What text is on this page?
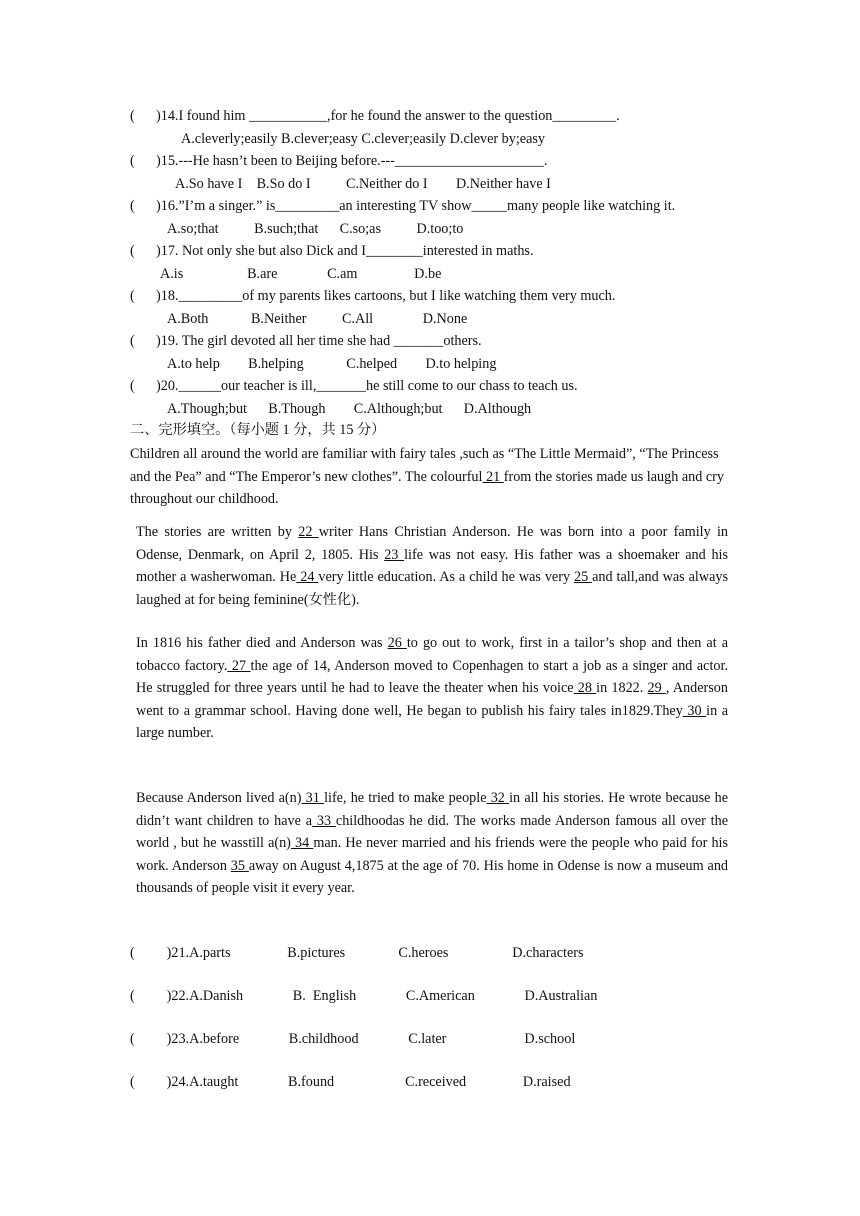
(      )14.I found him ___________,for he found the answer to the question_________.
A.cleverly;easily B.clever;easy C.clever;easily D.clever by;easy
(      )15.---He hasn’t been to Beijing before.---_____________________.
A.So have I    B.So do I          C.Neither do I        D.Neither have I
(      )16.”I’m a singer.” is_________an interesting TV show_____many people like watching it.
A.so;that          B.such;that      C.so;as          D.too;to
(      )17. Not only she but also Dick and I________interested in maths.
A.is                  B.are              C.am                D.be
(      )18._________of my parents likes cartoons, but I like watching them very much.
A.Both            B.Neither          C.All              D.None
(      )19. The girl devoted all her time she had _______others.
A.to help        B.helping            C.helped        D.to helping
(      )20.______our teacher is ill,_______he still come to our chass to teach us.
A.Though;but      B.Though        C.Although;but      D.Although
二、完形填空。（每小题 1 分，共 15 分）

Children all around the world are familiar with fairy tales ,such as “The Little Mermaid”, “The Princess and the Pea” and “The Emperor’s new clothes”. The colourful 21 from the stories made us laugh and cry throughout our childhood.

The stories are written by 22 writer Hans Christian Anderson. He was born into a poor family in Odense, Denmark, on April 2, 1805. His 23 life was not easy. His father was a shoemaker and his mother a washerwoman. He 24 very little education. As a child he was very 25 and tall,and was always laughed at for being feminine(女性化).

In 1816 his father died and Anderson was 26 to go out to work, first in a tailor’s shop and then at a tobacco factory. 27 the age of 14, Anderson moved to Copenhagen to start a job as a singer and actor. He struggled for three years until he had to leave the theater when his voice 28 in 1822. 29 , Anderson went to a grammar school. Having done well, He began to publish his fairy tales in1829.They 30 in a large number.

Because Anderson lived a(n) 31 life, he tried to make people 32 in all his stories. He wrote because he didn’t want children to have a 33 childhoodas he did. The works made Anderson famous all over the world , but he wasstill a(n) 34 man. He never married and his friends were the people who paid for his work. Anderson 35 away on August 4,1875 at the age of 70. His home in Odense is now a museum and thousands of people visit it every year.

(         )21.A.parts                B.pictures               C.heroes                  D.characters
(         )22.A.Danish              B.  English              C.American              D.Australian
(         )23.A.before              B.childhood              C.later                      D.school
(         )24.A.taught              B.found                    C.received                D.raised
